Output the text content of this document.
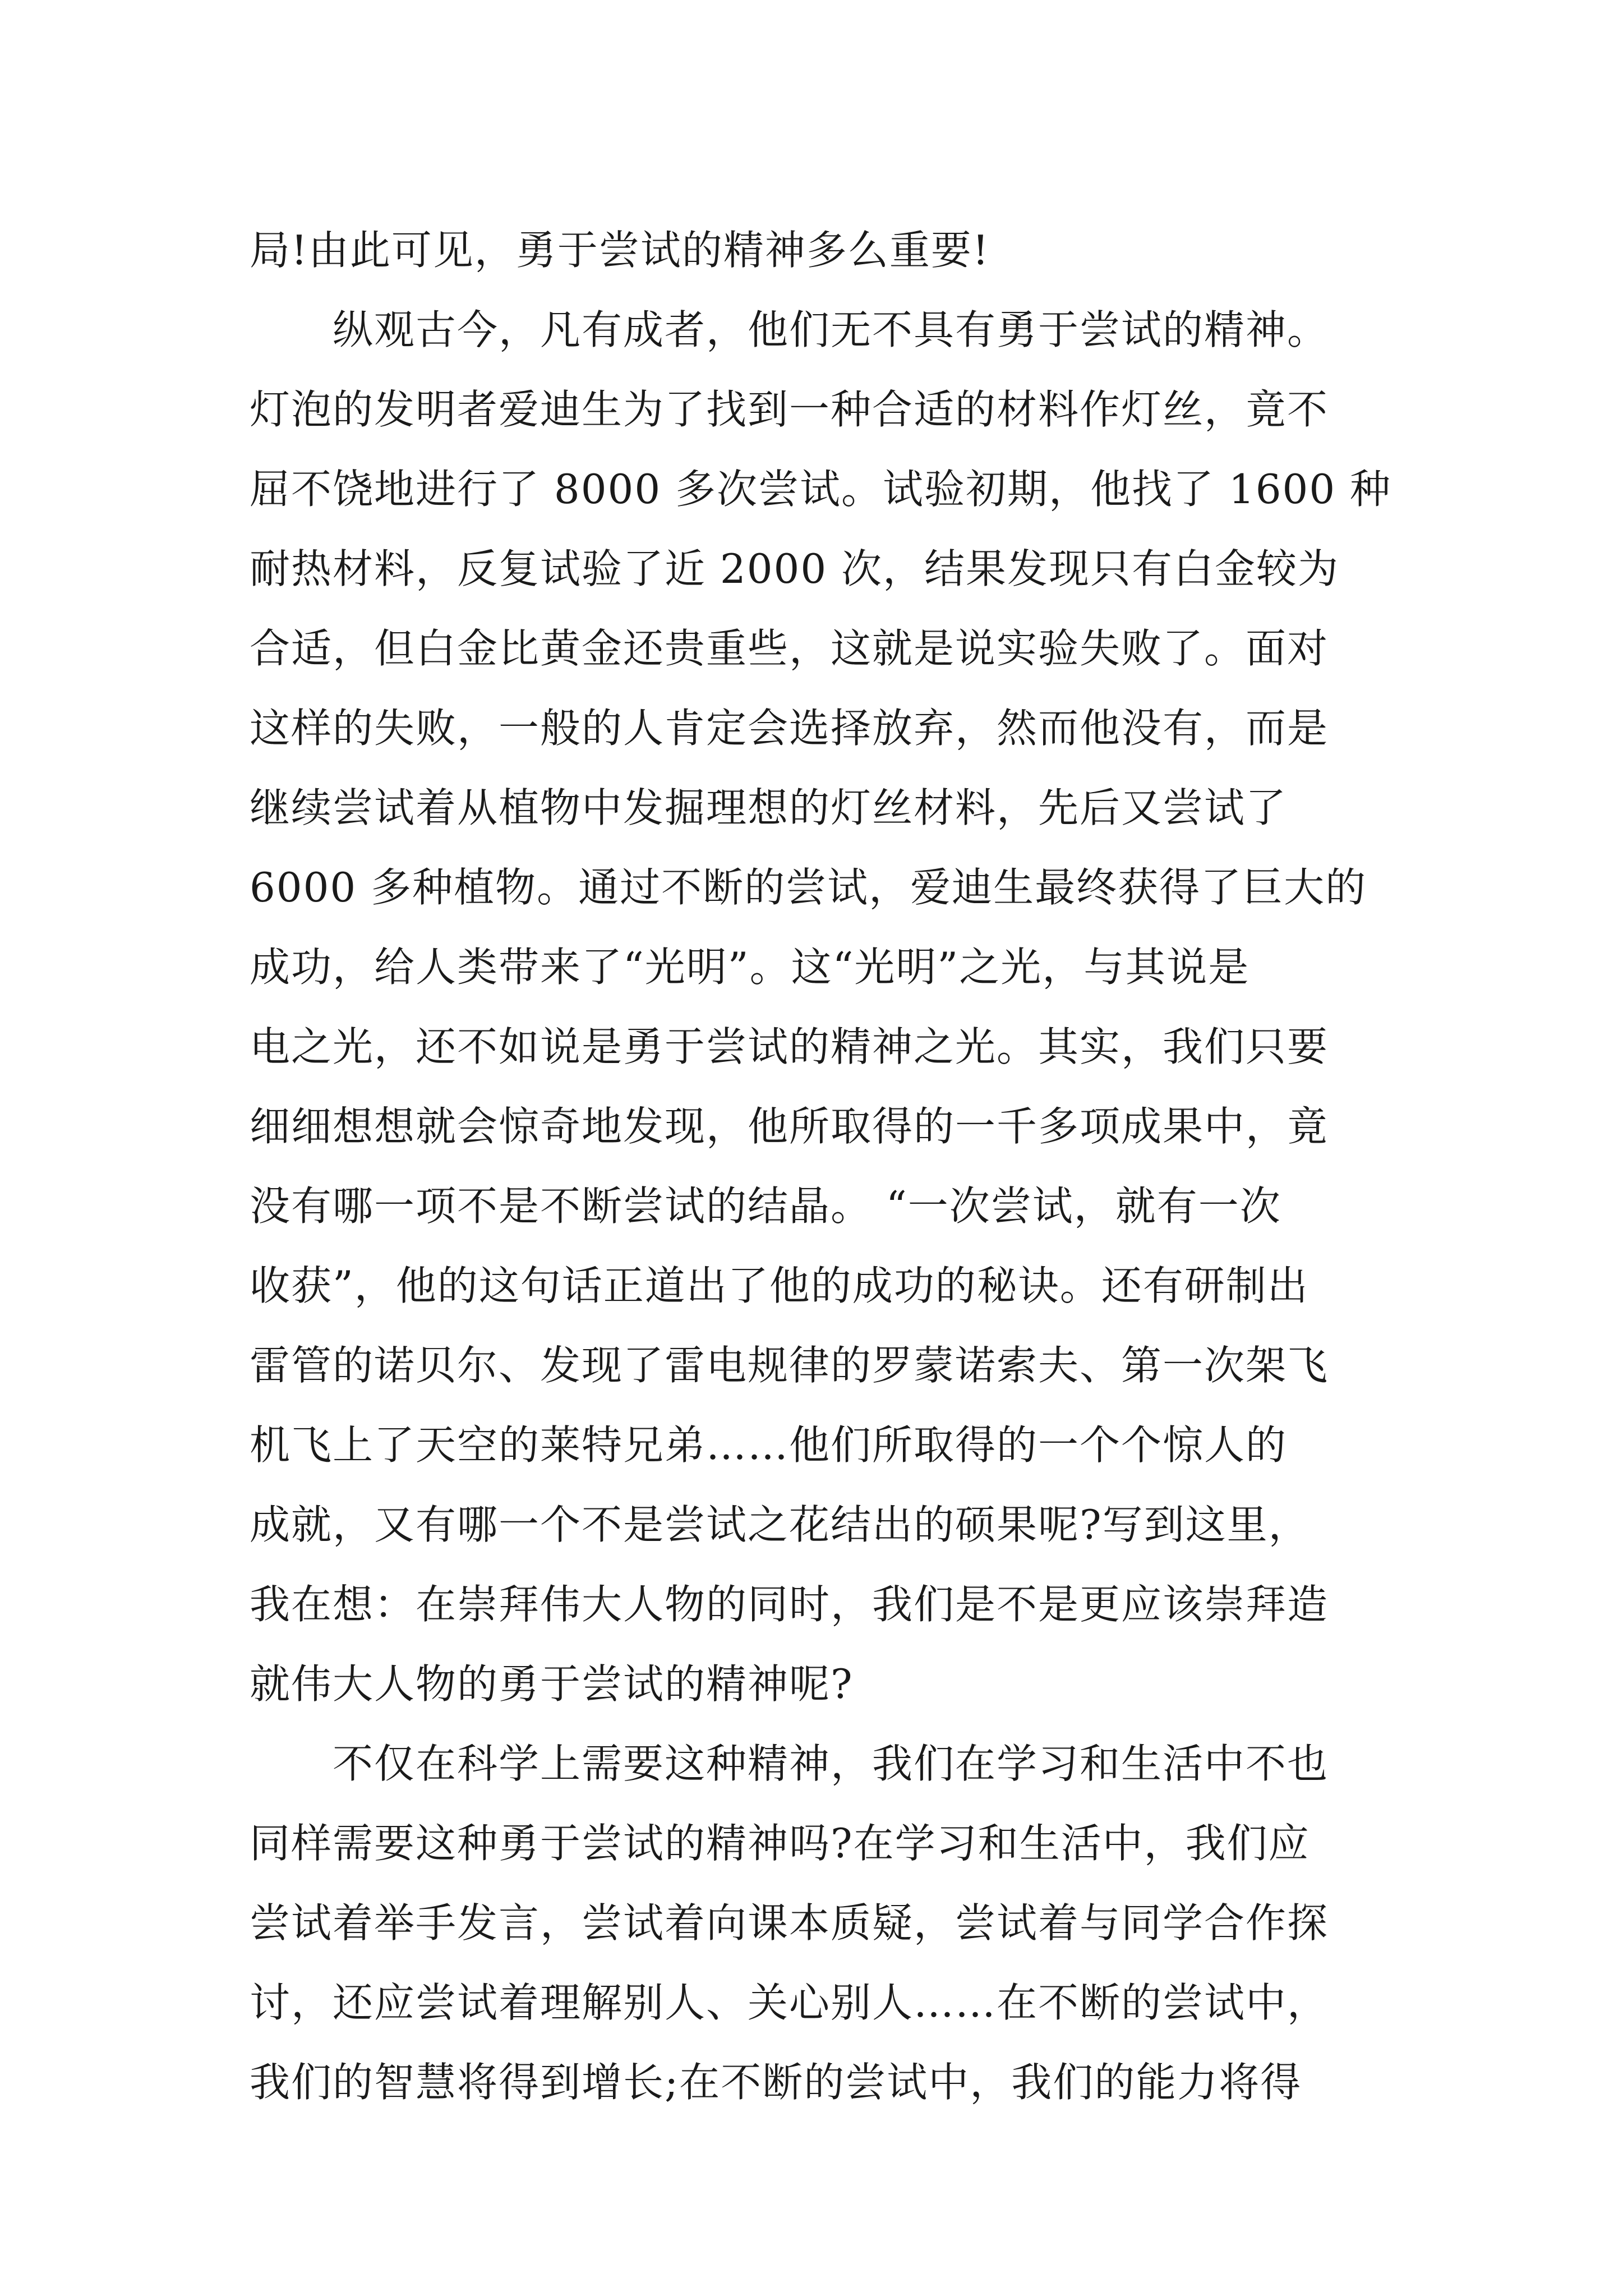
局!由此可见，勇于尝试的精神多么重要!
　　纵观古今，凡有成者，他们无不具有勇于尝试的精神。
灯泡的发明者爱迪生为了找到一种合适的材料作灯丝，竟不
屈不饶地进行了 8000 多次尝试。试验初期，他找了 1600 种
耐热材料，反复试验了近 2000 次，结果发现只有白金较为
合适，但白金比黄金还贵重些，这就是说实验失败了。面对
这样的失败，一般的人肯定会选择放弃，然而他没有，而是
继续尝试着从植物中发掘理想的灯丝材料，先后又尝试了
6000 多种植物。通过不断的尝试，爱迪生最终获得了巨大的
成功，给人类带来了“光明”。这“光明”之光，与其说是
电之光，还不如说是勇于尝试的精神之光。其实，我们只要
细细想想就会惊奇地发现，他所取得的一千多项成果中，竟
没有哪一项不是不断尝试的结晶。 “一次尝试，就有一次
收获”，他的这句话正道出了他的成功的秘诀。还有研制出
雷管的诺贝尔、发现了雷电规律的罗蒙诺索夫、第一次架飞
机飞上了天空的莱特兄弟……他们所取得的一个个惊人的
成就，又有哪一个不是尝试之花结出的硕果呢?写到这里，
我在想：在崇拜伟大人物的同时，我们是不是更应该崇拜造
就伟大人物的勇于尝试的精神呢?
　　不仅在科学上需要这种精神，我们在学习和生活中不也
同样需要这种勇于尝试的精神吗?在学习和生活中，我们应
尝试着举手发言，尝试着向课本质疑，尝试着与同学合作探
讨，还应尝试着理解别人、关心别人……在不断的尝试中，
我们的智慧将得到增长;在不断的尝试中，我们的能力将得
